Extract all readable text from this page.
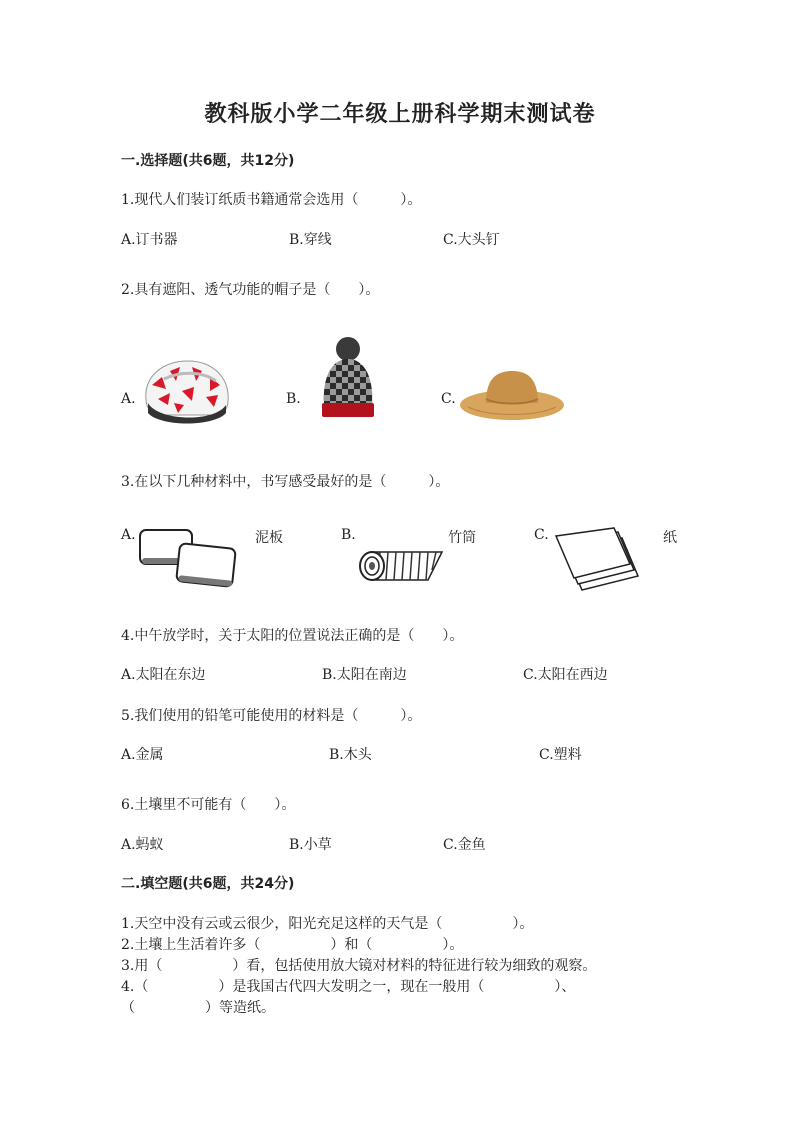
教科版小学二年级上册科学期末测试卷
一.选择题(共6题，共12分)
1.现代人们装订纸质书籍通常会选用（　　　）。
A.订书器	B.穿线	C.大头钉
2.具有遮阳、透气功能的帽子是（　　）。
A.	B.	C.
3.在以下几种材料中，书写感受最好的是（　　　）。
A.	泥板	B.	竹筒	C.	纸
4.中午放学时，关于太阳的位置说法正确的是（　　）。
A.太阳在东边	B.太阳在南边	C.太阳在西边
5.我们使用的铅笔可能使用的材料是（　　　）。
A.金属	B.木头	C.塑料
6.土壤里不可能有（　　）。
A.蚂蚁	B.小草	C.金鱼
二.填空题(共6题，共24分)
1.天空中没有云或云很少，阳光充足这样的天气是（　　　　　）。
2.土壤上生活着许多（　　　　　）和（　　　　　）。
3.用（　　　　　）看，包括使用放大镜对材料的特征进行较为细致的观察。
4.（　　　　　）是我国古代四大发明之一，现在一般用（　　　　　）、
（　　　　　）等造纸。
